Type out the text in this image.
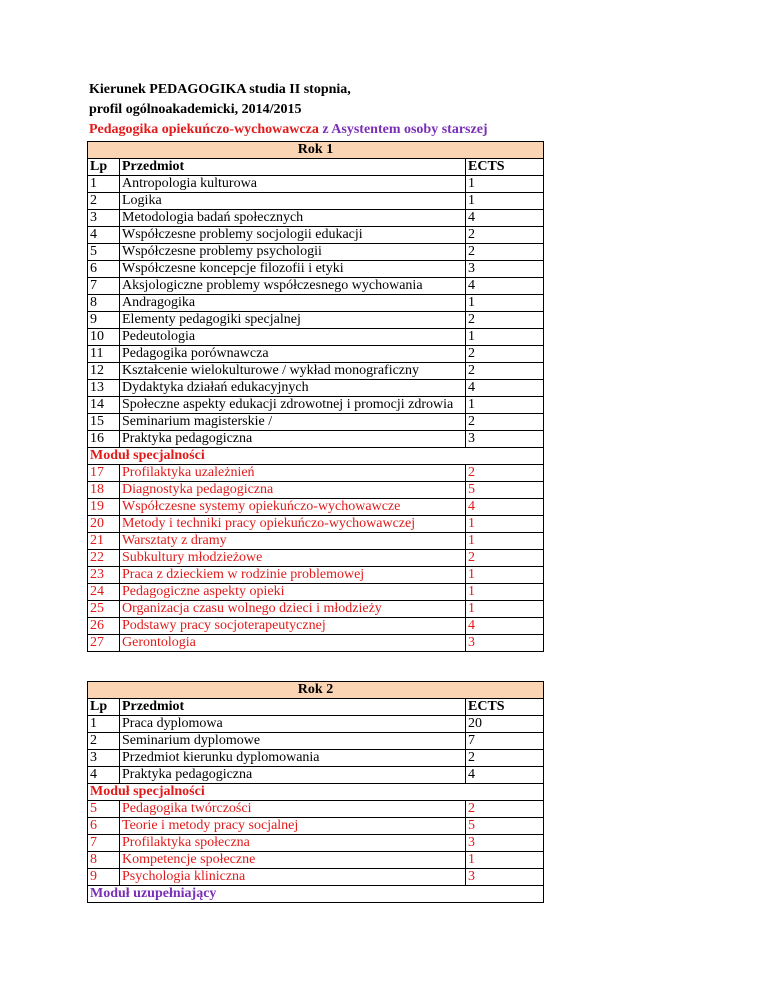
Kierunek PEDAGOGIKA studia II stopnia,
profil ogólnoakademicki, 2014/2015
Pedagogika opiekuńczo-wychowawcza z Asystentem osoby starszej
Rok 1		
Lp	Przedmiot	ECTS
1	Antropologia kulturowa	1
2	Logika	1
3	Metodologia badań społecznych	4
4	Współczesne problemy socjologii edukacji	2
5	Współczesne problemy psychologii	2
6	Współczesne koncepcje filozofii i etyki	3
7	Aksjologiczne problemy współczesnego wychowania	4
8	Andragogika	1
9	Elementy pedagogiki specjalnej	2
10	Pedeutologia	1
11	Pedagogika porównawcza	2
12	Kształcenie wielokulturowe / wykład monograficzny	2
13	Dydaktyka działań edukacyjnych	4
14	Społeczne aspekty edukacji zdrowotnej i promocji zdrowia	1
15	Seminarium magisterskie /	2
16	Praktyka pedagogiczna	3
Moduł specjalności		
17	Profilaktyka uzależnień	2
18	Diagnostyka pedagogiczna	5
19	Współczesne systemy opiekuńczo-wychowawcze	4
20	Metody i techniki pracy opiekuńczo-wychowawczej	1
21	Warsztaty z dramy	1
22	Subkultury młodzieżowe	2
23	Praca z dzieckiem w rodzinie problemowej	1
24	Pedagogiczne aspekty opieki	1
25	Organizacja czasu wolnego dzieci i młodzieży	1
26	Podstawy pracy socjoterapeutycznej	4
27	Gerontologia	3
Rok 2		
Lp	Przedmiot	ECTS
1	Praca dyplomowa	20
2	Seminarium dyplomowe	7
3	Przedmiot kierunku dyplomowania	2
4	Praktyka pedagogiczna	4
Moduł specjalności		
5	Pedagogika twórczości	2
6	Teorie i metody pracy socjalnej	5
7	Profilaktyka społeczna	3
8	Kompetencje społeczne	1
9	Psychologia kliniczna	3
Moduł uzupełniający		
